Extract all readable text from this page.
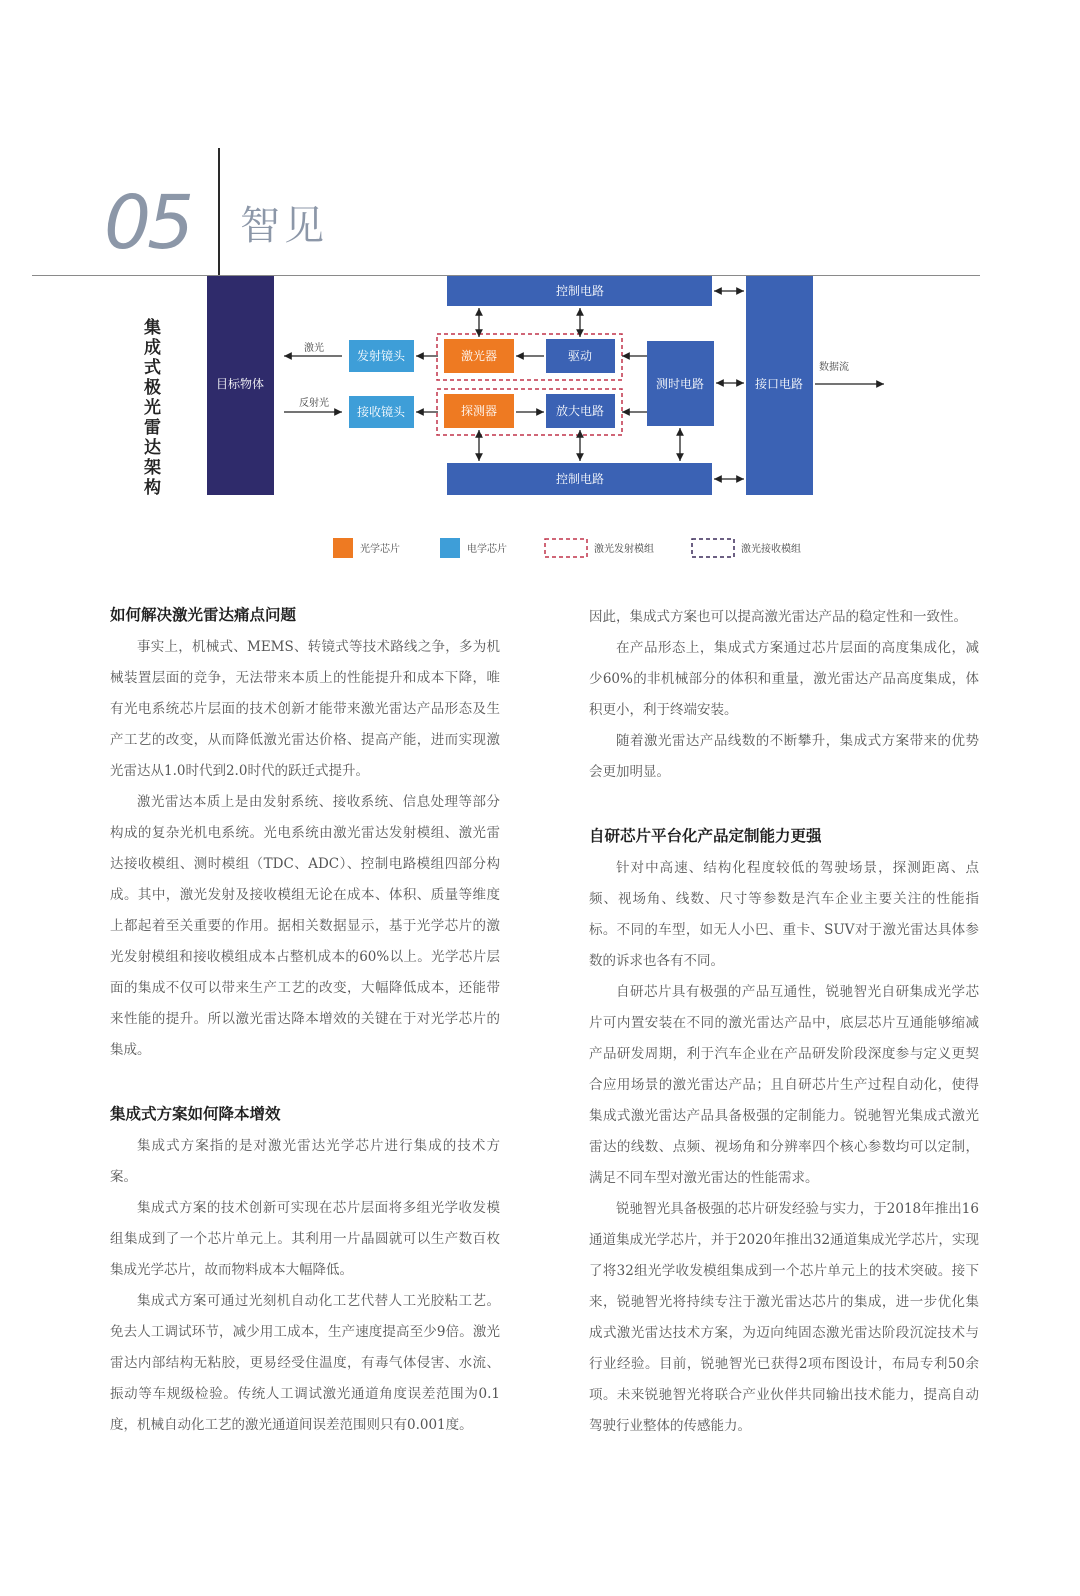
05 智见
集成式极光雷达架构
目标物体
发射镜头
接收镜头
激光器	驱动
探测器	放大电路
控制电路
控制电路
测时电路	接口电路
激光
反射光
数据流
光学芯片	电学芯片	激光发射模组	激光接收模组
如何解决激光雷达痛点问题

事实上，机械式、MEMS、转镜式等技术路线之争，多为机械装置层面的竞争，无法带来本质上的性能提升和成本下降，唯有光电系统芯片层面的技术创新才能带来激光雷达产品形态及生产工艺的改变，从而降低激光雷达价格、提高产能，进而实现激光雷达从1.0时代到2.0时代的跃迁式提升。

激光雷达本质上是由发射系统、接收系统、信息处理等部分构成的复杂光机电系统。光电系统由激光雷达发射模组、激光雷达接收模组、测时模组（TDC、ADC）、控制电路模组四部分构成。其中，激光发射及接收模组无论在成本、体积、质量等维度上都起着至关重要的作用。据相关数据显示，基于光学芯片的激光发射模组和接收模组成本占整机成本的60%以上。光学芯片层面的集成不仅可以带来生产工艺的改变，大幅降低成本，还能带来性能的提升。所以激光雷达降本增效的关键在于对光学芯片的集成。

集成式方案如何降本增效

集成式方案指的是对激光雷达光学芯片进行集成的技术方案。

集成式方案的技术创新可实现在芯片层面将多组光学收发模组集成到了一个芯片单元上。其利用一片晶圆就可以生产数百枚集成光学芯片，故而物料成本大幅降低。

集成式方案可通过光刻机自动化工艺代替人工光胶粘工艺。免去人工调试环节，减少用工成本，生产速度提高至少9倍。激光雷达内部结构无粘胶，更易经受住温度，有毒气体侵害、水流、振动等车规级检验。传统人工调试激光通道角度误差范围为0.1度，机械自动化工艺的激光通道间误差范围则只有0.001度。

因此，集成式方案也可以提高激光雷达产品的稳定性和一致性。

在产品形态上，集成式方案通过芯片层面的高度集成化，减少60%的非机械部分的体积和重量，激光雷达产品高度集成，体积更小，利于终端安装。

随着激光雷达产品线数的不断攀升，集成式方案带来的优势会更加明显。

自研芯片平台化产品定制能力更强

针对中高速、结构化程度较低的驾驶场景，探测距离、点频、视场角、线数、尺寸等参数是汽车企业主要关注的性能指标。不同的车型，如无人小巴、重卡、SUV对于激光雷达具体参数的诉求也各有不同。

自研芯片具有极强的产品互通性，锐驰智光自研集成光学芯片可内置安装在不同的激光雷达产品中，底层芯片互通能够缩减产品研发周期，利于汽车企业在产品研发阶段深度参与定义更契合应用场景的激光雷达产品；且自研芯片生产过程自动化，使得集成式激光雷达产品具备极强的定制能力。锐驰智光集成式激光雷达的线数、点频、视场角和分辨率四个核心参数均可以定制，满足不同车型对激光雷达的性能需求。

锐驰智光具备极强的芯片研发经验与实力，于2018年推出16通道集成光学芯片，并于2020年推出32通道集成光学芯片，实现了将32组光学收发模组集成到一个芯片单元上的技术突破。接下来，锐驰智光将持续专注于激光雷达芯片的集成，进一步优化集成式激光雷达技术方案，为迈向纯固态激光雷达阶段沉淀技术与行业经验。目前，锐驰智光已获得2项布图设计，布局专利50余项。未来锐驰智光将联合产业伙伴共同输出技术能力，提高自动驾驶行业整体的传感能力。
